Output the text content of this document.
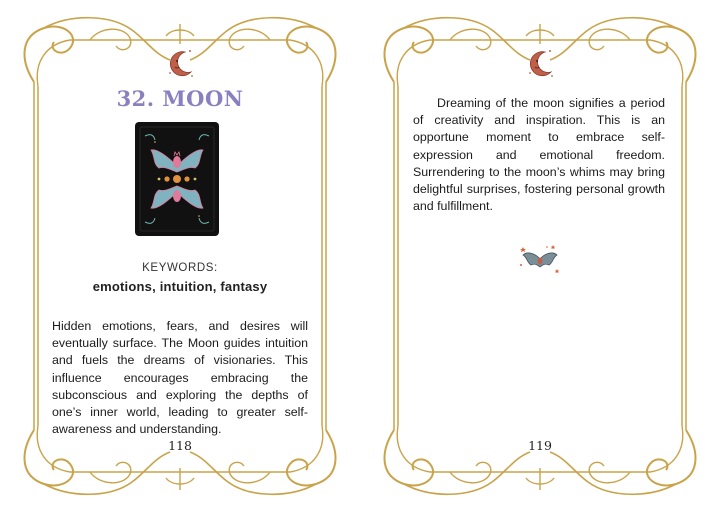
32. MOON
KEYWORDS:
emotions, intuition, fantasy

Hidden emotions, fears, and desires will eventually surface. The Moon guides intuition and fuels the dreams of visionaries. This influence encourages embracing the subconscious and exploring the depths of one’s inner world, leading to greater self-awareness and understanding.

118

Dreaming of the moon signifies a period of creativity and inspiration. This is an opportune moment to embrace self-expression and emotional freedom. Surrendering to the moon’s whims may bring delightful surprises, fostering personal growth and fulfillment.

119
